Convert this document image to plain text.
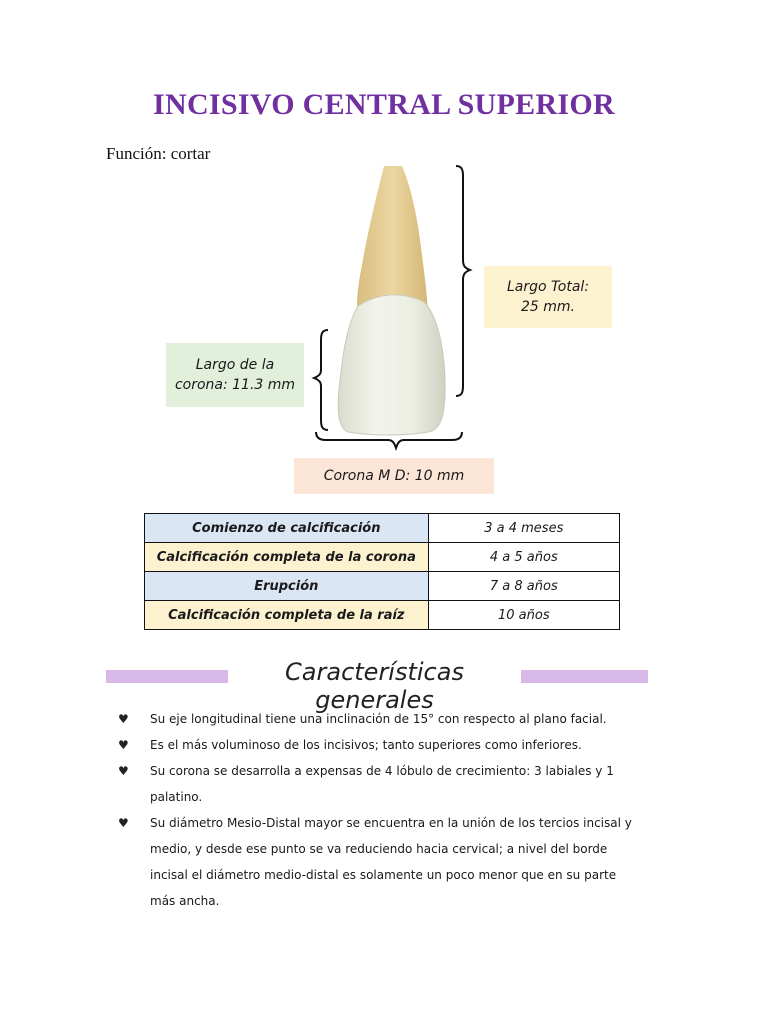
INCISIVO CENTRAL SUPERIOR
Función: cortar
Largo Total:
25 mm.
Largo de la
corona: 11.3 mm
Corona M D: 10 mm
Comienzo de calcificación	3 a 4 meses
Calcificación completa de la corona	4 a 5 años
Erupción	7 a 8 años
Calcificación completa de la raíz	10 años
Características generales
♥ Su eje longitudinal tiene una inclinación de 15° con respecto al plano facial.
♥ Es el más voluminoso de los incisivos; tanto superiores como inferiores.
♥ Su corona se desarrolla a expensas de 4 lóbulo de crecimiento: 3 labiales y 1 palatino.
♥ Su diámetro Mesio-Distal mayor se encuentra en la unión de los tercios incisal y medio, y desde ese punto se va reduciendo hacia cervical; a nivel del borde incisal el diámetro medio-distal es solamente un poco menor que en su parte más ancha.
